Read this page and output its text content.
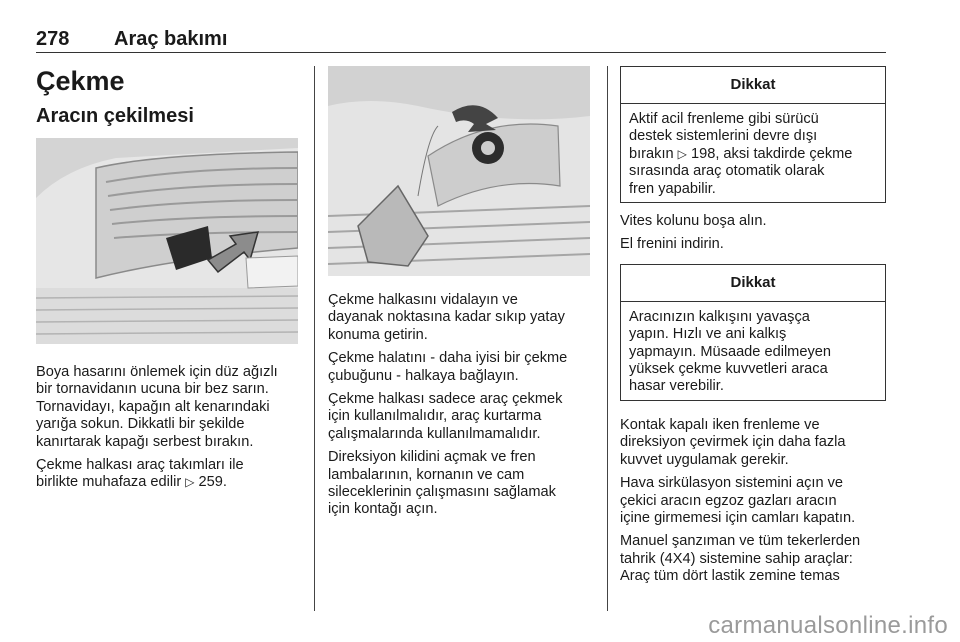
278 Araç bakımı
Çekme
Aracın çekilmesi

Boya hasarını önlemek için düz ağızlı
bir tornavidanın ucuna bir bez sarın.
Tornavidayı, kapağın alt kenarındaki
yarığa sokun. Dikkatli bir şekilde
kanırtarak kapağı serbest bırakın.

Çekme halkası araç takımları ile
birlikte muhafaza edilir ▷ 259.

Çekme halkasını vidalayın ve
dayanak noktasına kadar sıkıp yatay
konuma getirin.

Çekme halatını - daha iyisi bir çekme
çubuğunu - halkaya bağlayın.

Çekme halkası sadece araç çekmek
için kullanılmalıdır, araç kurtarma
çalışmalarında kullanılmamalıdır.

Direksiyon kilidini açmak ve fren
lambalarının, kornanın ve cam
sileceklerinin çalışmasını sağlamak
için kontağı açın.

Dikkat
Aktif acil frenleme gibi sürücü
destek sistemlerini devre dışı
bırakın ▷ 198, aksi takdirde çekme
sırasında araç otomatik olarak
fren yapabilir.

Vites kolunu boşa alın.

El frenini indirin.

Dikkat
Aracınızın kalkışını yavaşça
yapın. Hızlı ve ani kalkış
yapmayın. Müsaade edilmeyen
yüksek çekme kuvvetleri araca
hasar verebilir.

Kontak kapalı iken frenleme ve
direksiyon çevirmek için daha fazla
kuvvet uygulamak gerekir.

Hava sirkülasyon sistemini açın ve
çekici aracın egzoz gazları aracın
içine girmemesi için camları kapatın.

Manuel şanzıman ve tüm tekerlerden
tahrik (4X4) sistemine sahip araçlar:
Araç tüm dört lastik zemine temas

carmanualsonline.info
